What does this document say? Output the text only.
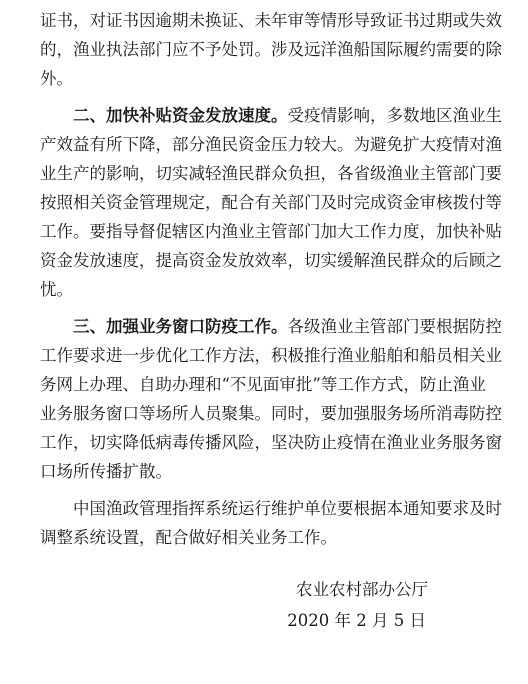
证书，对证书因逾期未换证、未年审等情形导致证书过期或失效
的，渔业执法部门应不予处罚。涉及远洋渔船国际履约需要的除
外。
二、加快补贴资金发放速度。受疫情影响，多数地区渔业生
产效益有所下降，部分渔民资金压力较大。为避免扩大疫情对渔
业生产的影响，切实减轻渔民群众负担，各省级渔业主管部门要
按照相关资金管理规定，配合有关部门及时完成资金审核拨付等
工作。要指导督促辖区内渔业主管部门加大工作力度，加快补贴
资金发放速度，提高资金发放效率，切实缓解渔民群众的后顾之
忧。
三、加强业务窗口防疫工作。各级渔业主管部门要根据防控
工作要求进一步优化工作方法，积极推行渔业船舶和船员相关业
务网上办理、自助办理和“不见面审批”等工作方式，防止渔业
业务服务窗口等场所人员聚集。同时，要加强服务场所消毒防控
工作，切实降低病毒传播风险，坚决防止疫情在渔业业务服务窗
口场所传播扩散。
中国渔政管理指挥系统运行维护单位要根据本通知要求及时
调整系统设置，配合做好相关业务工作。
农业农村部办公厅
2020 年 2 月 5 日
